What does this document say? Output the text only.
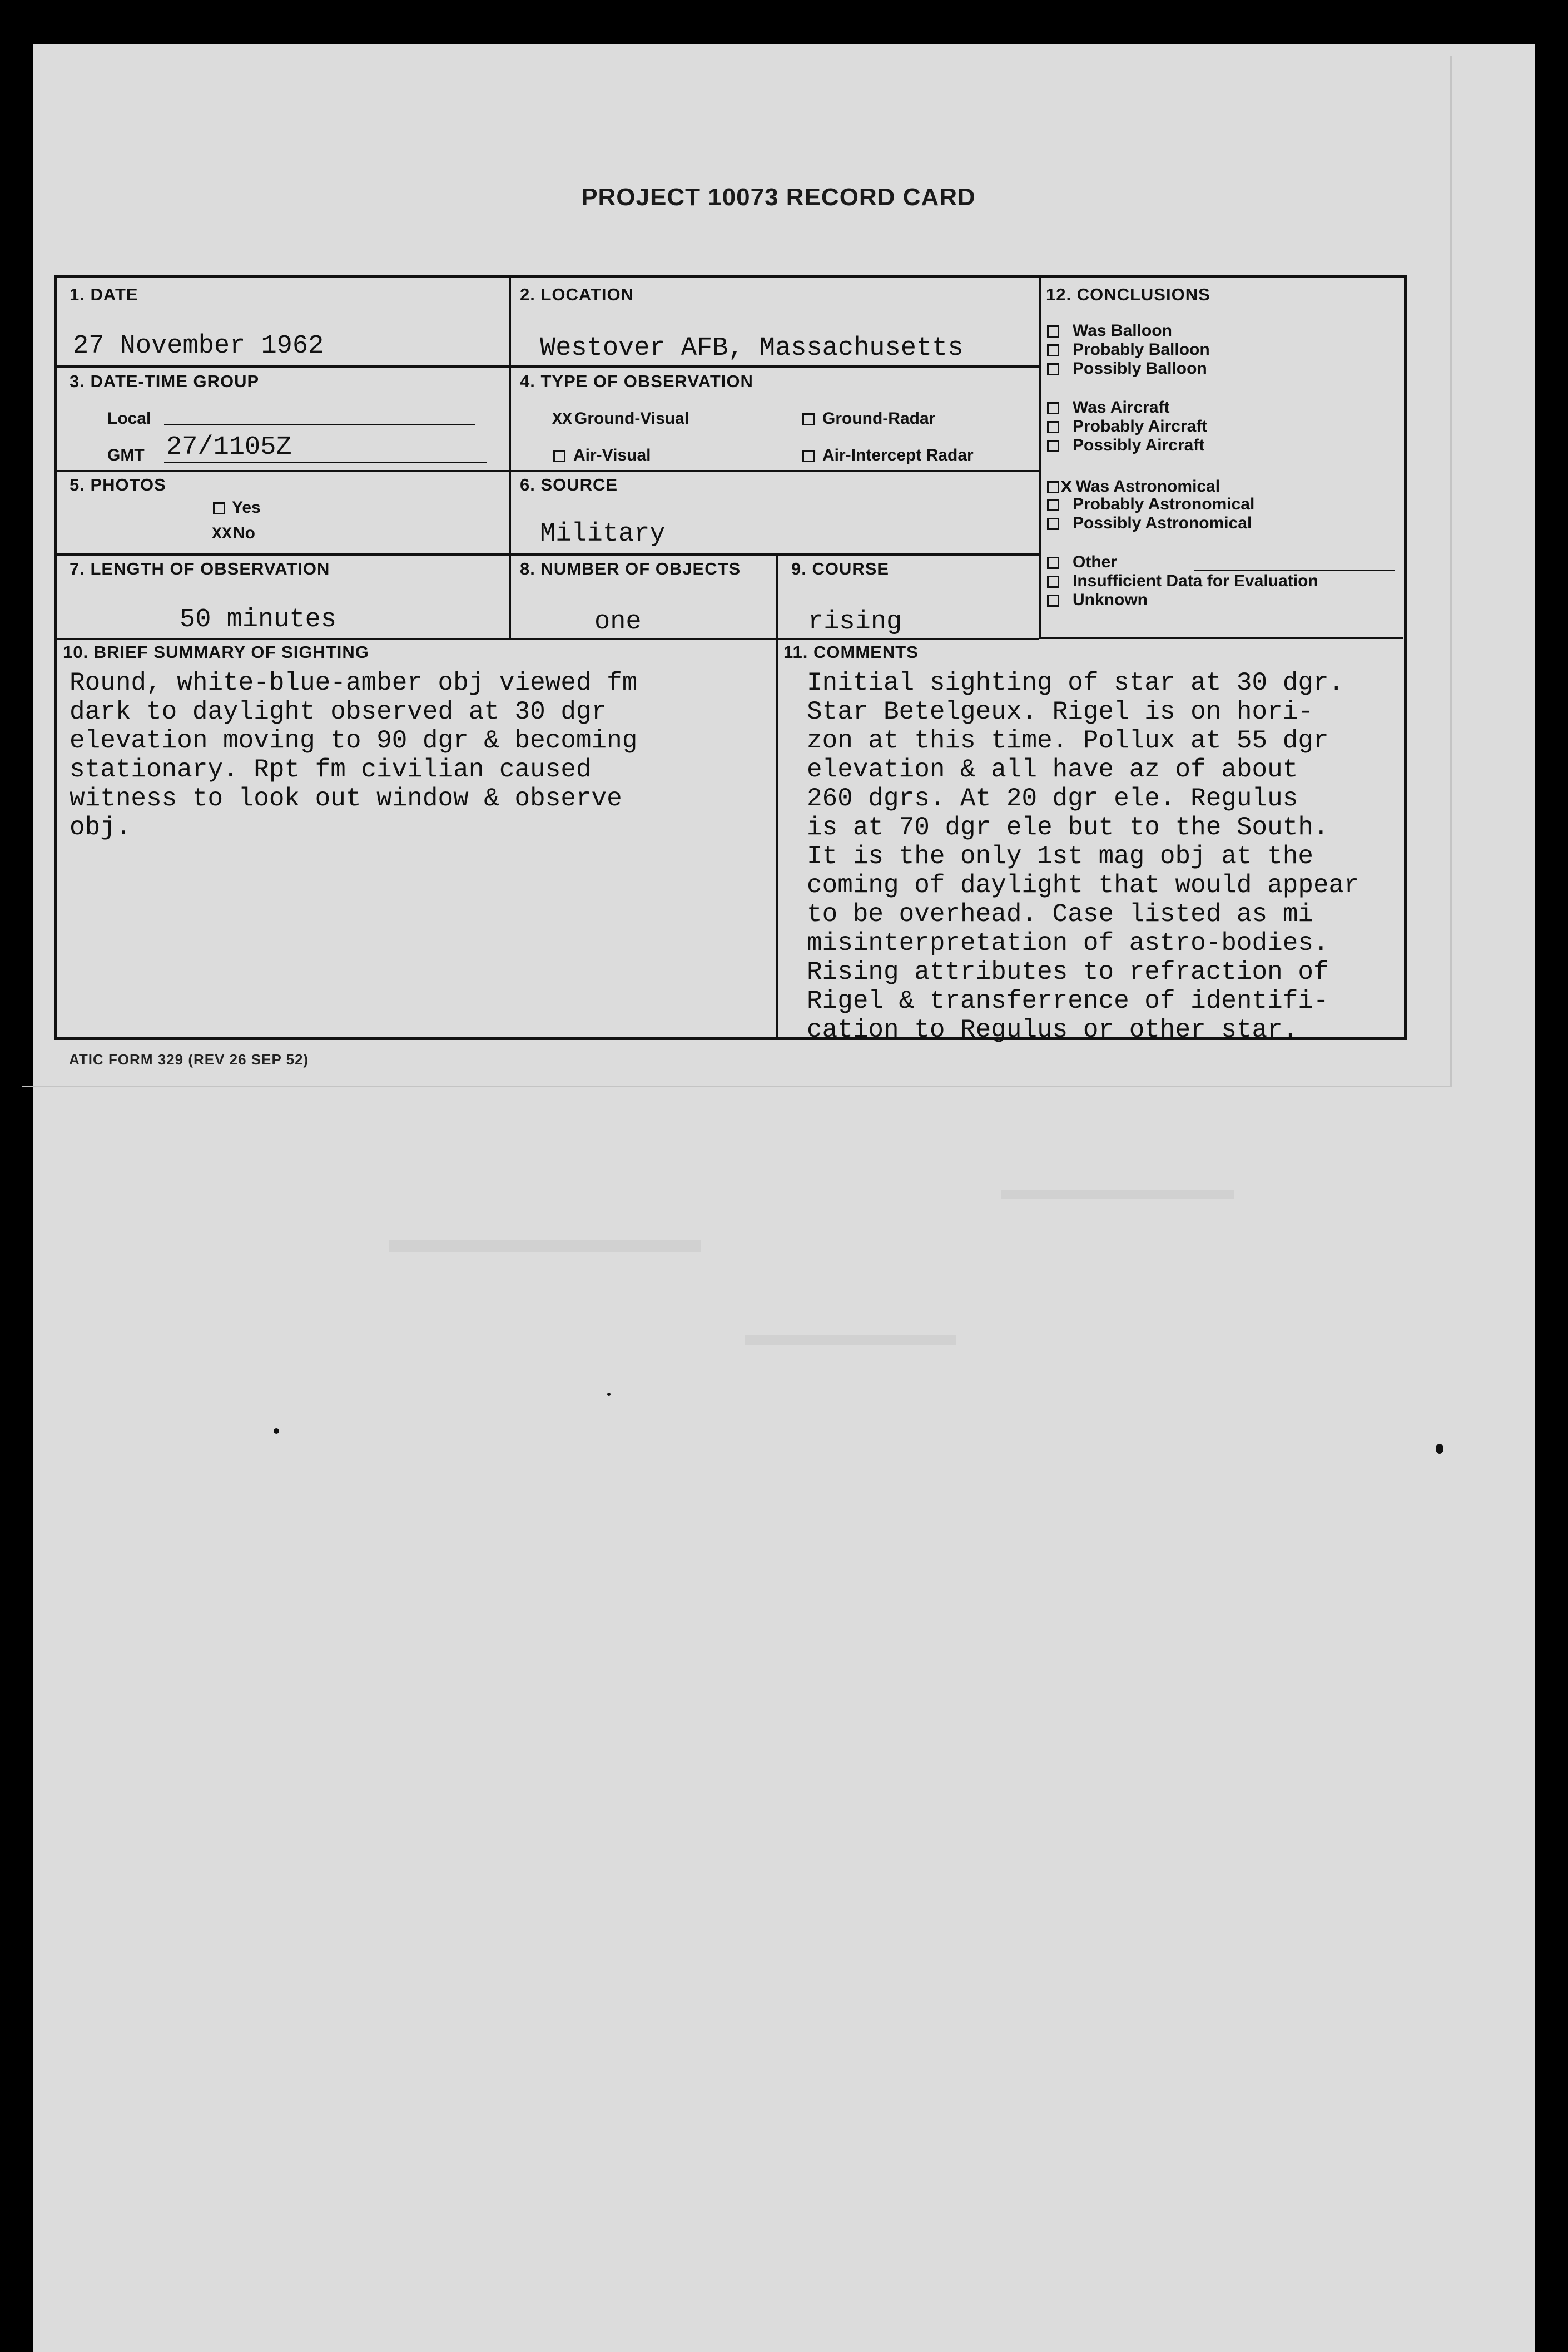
PROJECT 10073 RECORD CARD
1. DATE
27 November 1962
2. LOCATION
Westover AFB, Massachusetts
3. DATE-TIME GROUP
Local
GMT 27/1105Z
4. TYPE OF OBSERVATION
XX Ground-Visual	Ground-Radar
Air-Visual	Air-Intercept Radar
5. PHOTOS
Yes
XXNo
6. SOURCE
Military
7. LENGTH OF OBSERVATION
50 minutes
8. NUMBER OF OBJECTS
one
9. COURSE
rising
10. BRIEF SUMMARY OF SIGHTING
Round, white-blue-amber obj viewed fm
dark to daylight observed at 30 dgr
elevation moving to 90 dgr & becoming
stationary. Rpt fm civilian caused
witness to look out window & observe
obj.
11. COMMENTS
Initial sighting of star at 30 dgr.
Star Betelgeux. Rigel is on hori-
zon at this time. Pollux at 55 dgr
elevation & all have az of about
260 dgrs. At 20 dgr ele. Regulus
is at 70 dgr ele but to the South.
It is the only 1st mag obj at the
coming of daylight that would appear
to be overhead. Case listed as mi
misinterpretation of astro-bodies.
Rising attributes to refraction of
Rigel & transferrence of identifi-
cation to Regulus or other star.
12. CONCLUSIONS
Was Balloon
Probably Balloon
Possibly Balloon
Was Aircraft
Probably Aircraft
Possibly Aircraft
x Was Astronomical
Probably Astronomical
Possibly Astronomical
Other
Insufficient Data for Evaluation
Unknown
ATIC FORM 329 (REV 26 SEP 52)
